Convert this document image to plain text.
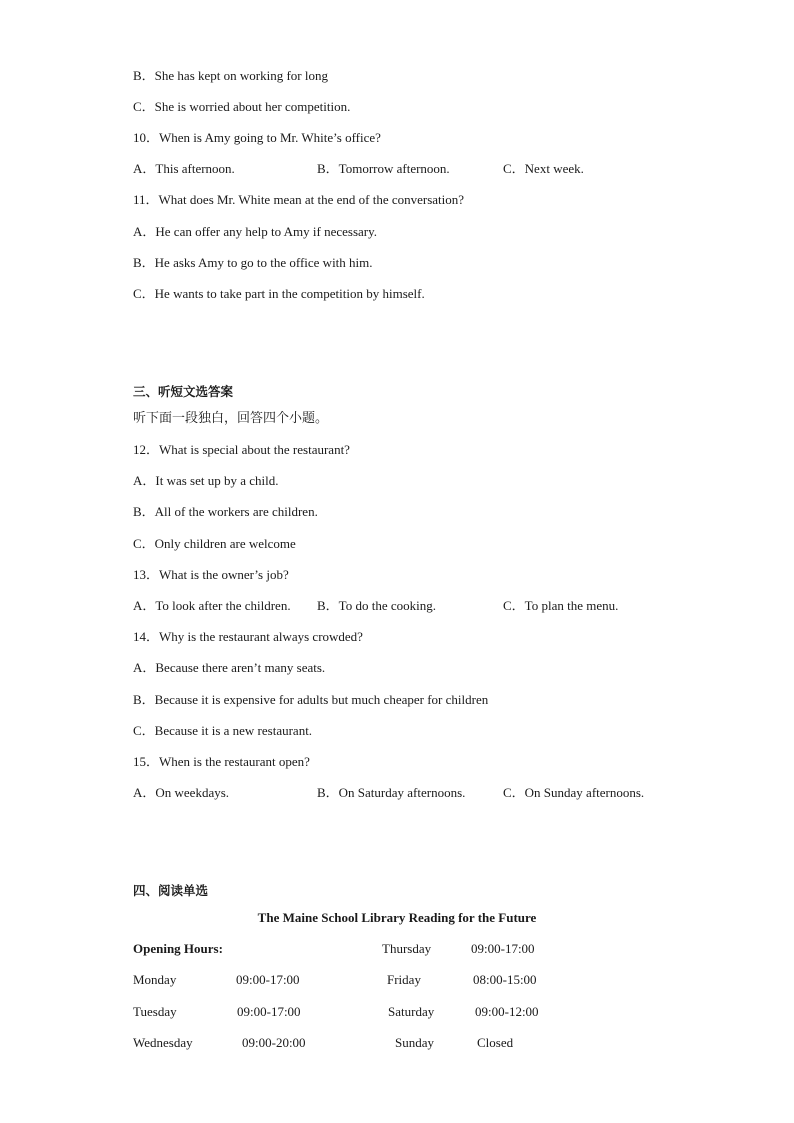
B．She has kept on working for long
C．She is worried about her competition.
10．When is Amy going to Mr. White’s office?
A．This afternoon.	B．Tomorrow afternoon.	C．Next week.
11．What does Mr. White mean at the end of the conversation?
A．He can offer any help to Amy if necessary.
B．He asks Amy to go to the office with him.
C．He wants to take part in the competition by himself.
三、听短文选答案
听下面一段独白，回答四个小题。
12．What is special about the restaurant?
A．It was set up by a child.
B．All of the workers are children.
C．Only children are welcome
13．What is the owner’s job?
A．To look after the children. B．To do the cooking.	C．To plan the menu.
14．Why is the restaurant always crowded?
A．Because there aren’t many seats.
B．Because it is expensive for adults but much cheaper for children
C．Because it is a new restaurant.
15．When is the restaurant open?
A．On weekdays.	B．On Saturday afternoons.	C．On Sunday afternoons.
四、阅读单选
The Maine School Library Reading for the Future
Opening Hours:	Thursday	09:00-17:00
Monday	09:00-17:00	Friday	08:00-15:00
Tuesday	09:00-17:00	Saturday	09:00-12:00
Wednesday	09:00-20:00	Sunday	Closed
